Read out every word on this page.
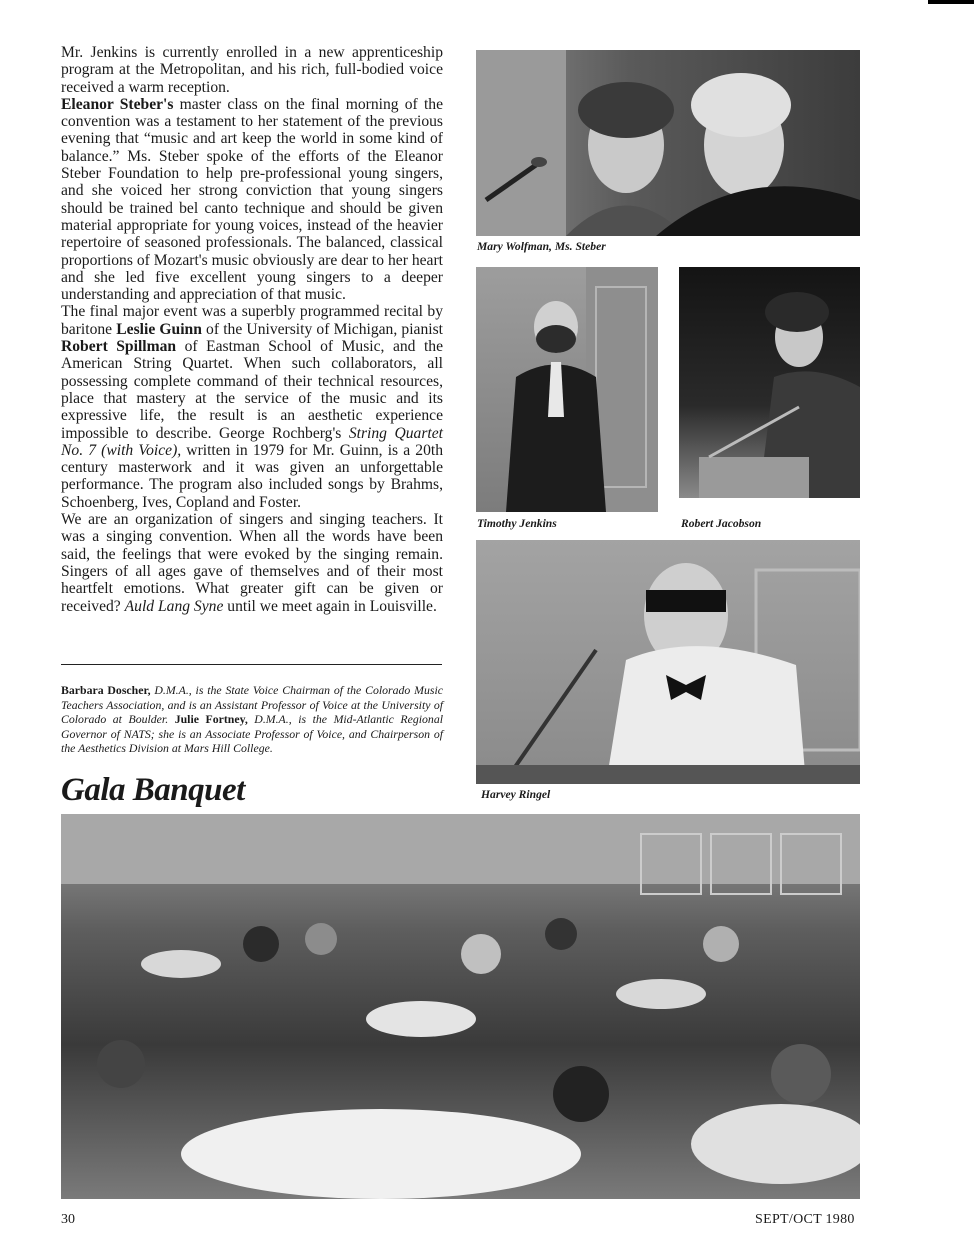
Mr. Jenkins is currently enrolled in a new apprenticeship program at the Metropolitan, and his rich, full-bodied voice received a warm reception.

Eleanor Steber's master class on the final morning of the convention was a testament to her statement of the previous evening that “music and art keep the world in some kind of balance.” Ms. Steber spoke of the efforts of the Eleanor Steber Foundation to help pre-professional young singers, and she voiced her strong conviction that young singers should be trained bel canto technique and should be given material appropriate for young voices, instead of the heavier repertoire of seasoned professionals. The balanced, classical proportions of Mozart's music obviously are dear to her heart and she led five excellent young singers to a deeper understanding and appreciation of that music.

The final major event was a superbly programmed recital by baritone Leslie Guinn of the University of Michigan, pianist Robert Spillman of Eastman School of Music, and the American String Quartet. When such collaborators, all possessing complete command of their technical resources, place that mastery at the service of the music and its expressive life, the result is an aesthetic experience impossible to describe. George Rochberg's String Quartet No. 7 (with Voice), written in 1979 for Mr. Guinn, is a 20th century masterwork and it was given an unforgettable performance. The program also included songs by Brahms, Schoenberg, Ives, Copland and Foster.

We are an organization of singers and singing teachers. It was a singing convention. When all the words have been said, the feelings that were evoked by the singing remain. Singers of all ages gave of themselves and of their most heartfelt emotions. What greater gift can be given or received? Auld Lang Syne until we meet again in Louisville.

Barbara Doscher, D.M.A., is the State Voice Chairman of the Colorado Music Teachers Association, and is an Assistant Professor of Voice at the University of Colorado at Boulder. Julie Fortney, D.M.A., is the Mid-Atlantic Regional Governor of NATS; she is an Associate Professor of Voice, and Chairperson of the Aesthetics Division at Mars Hill College.
Gala Banquet
Mary Wolfman, Ms. Steber
Timothy Jenkins	Robert Jacobson
Harvey Ringel
30	SEPT/OCT 1980
